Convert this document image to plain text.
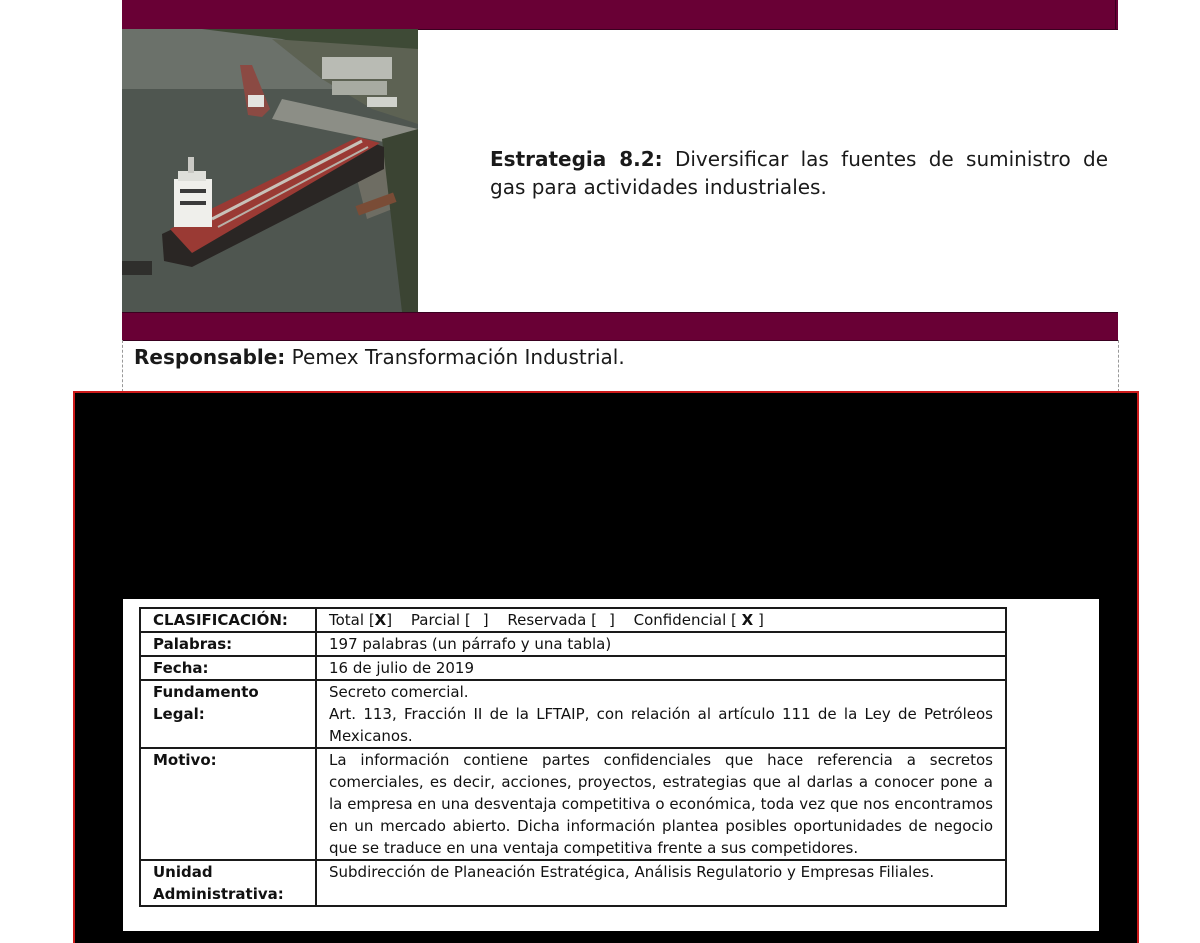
Estrategia 8.2: Diversificar las fuentes de suministro de gas para actividades industriales.
Responsable: Pemex Transformación Industrial.
CLASIFICACIÓN:	Total [X] Parcial [ ] Reservada [ ] Confidencial [ X ]
Palabras:	197 palabras (un párrafo y una tabla)
Fecha:	16 de julio de 2019
Fundamento Legal:	Secreto comercial.
Art. 113, Fracción II de la LFTAIP, con relación al artículo 111 de la Ley de Petróleos Mexicanos.

Motivo:	La información contiene partes confidenciales que hace referencia a secretos comerciales, es decir, acciones, proyectos, estrategias que al darlas a conocer pone a la empresa en una desventaja competitiva o económica, toda vez que nos encontramos en un mercado abierto. Dicha información plantea posibles oportunidades de negocio que se traduce en una ventaja competitiva frente a sus competidores.
Unidad Administrativa:	Subdirección de Planeación Estratégica, Análisis Regulatorio y Empresas Filiales.
